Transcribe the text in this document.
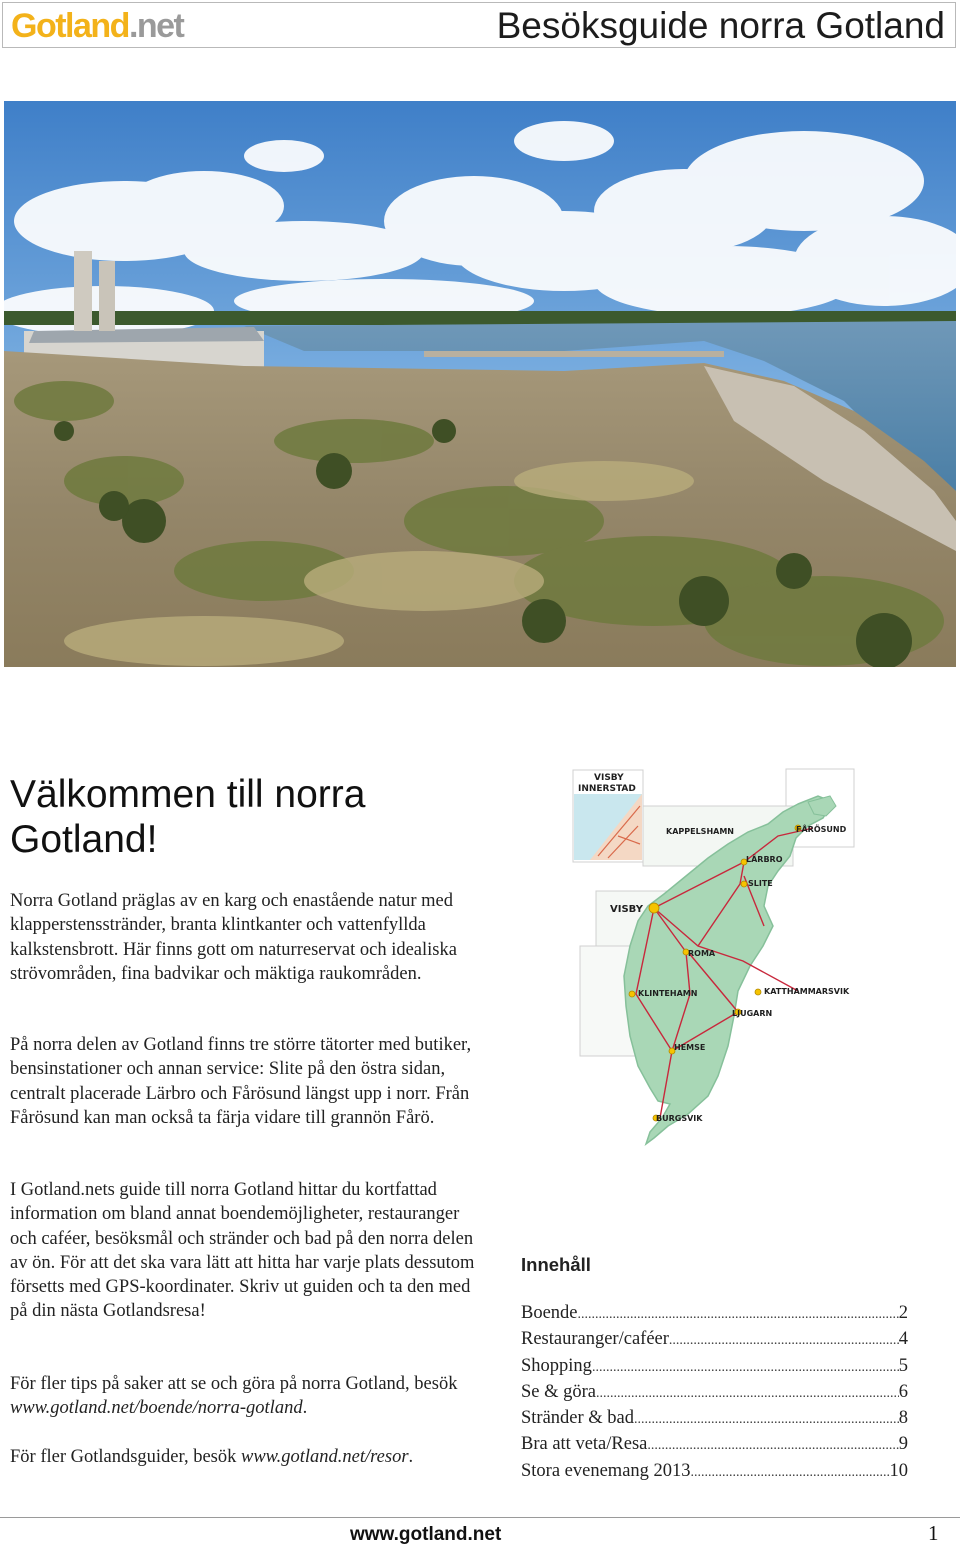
Gotland.net	Besöksguide norra Gotland
Välkommen till norra
Gotland!

Norra Gotland präglas av en karg och enastående natur med klapperstensstränder, branta klintkanter och vattenfyllda kalkstensbrott. Här finns gott om naturreservat och idealiska strövområden, fina badvikar och mäktiga raukområden.

På norra delen av Gotland finns tre större tätorter med butiker, bensinstationer och annan service: Slite på den östra sidan, centralt placerade Lärbro och Fårösund längst upp i norr. Från Fårösund kan man också ta färja vidare till grannön Fårö.

I Gotland.nets guide till norra Gotland hittar du kortfattad information om bland annat boendemöjligheter, restauranger och caféer, besöksmål och stränder och bad på den norra delen av ön. För att det ska vara lätt att hitta har varje plats dessutom försetts med GPS-koordinater. Skriv ut guiden och ta den med på din nästa Gotlandsresa!

För fler tips på saker att se och göra på norra Gotland, besök www.gotland.net/boende/norra-gotland.

För fler Gotlandsguider, besök www.gotland.net/resor.

VISBY
INNERSTAD
KAPPELSHAMN	FÅRÖSUND
LÄRBRO
SLITE
VISBY
ROMA
KLINTEHAMN	KATTHAMMARSVIK
LJUGARN
HEMSE
BURGSVIK
Innehåll
Boende .....	2
Restauranger/caféer .....	4
Shopping .....	5
Se & göra .....	6
Stränder & bad .....	8
Bra att veta/Resa .....	9
Stora evenemang 2013 .....	10
www.gotland.net	1
